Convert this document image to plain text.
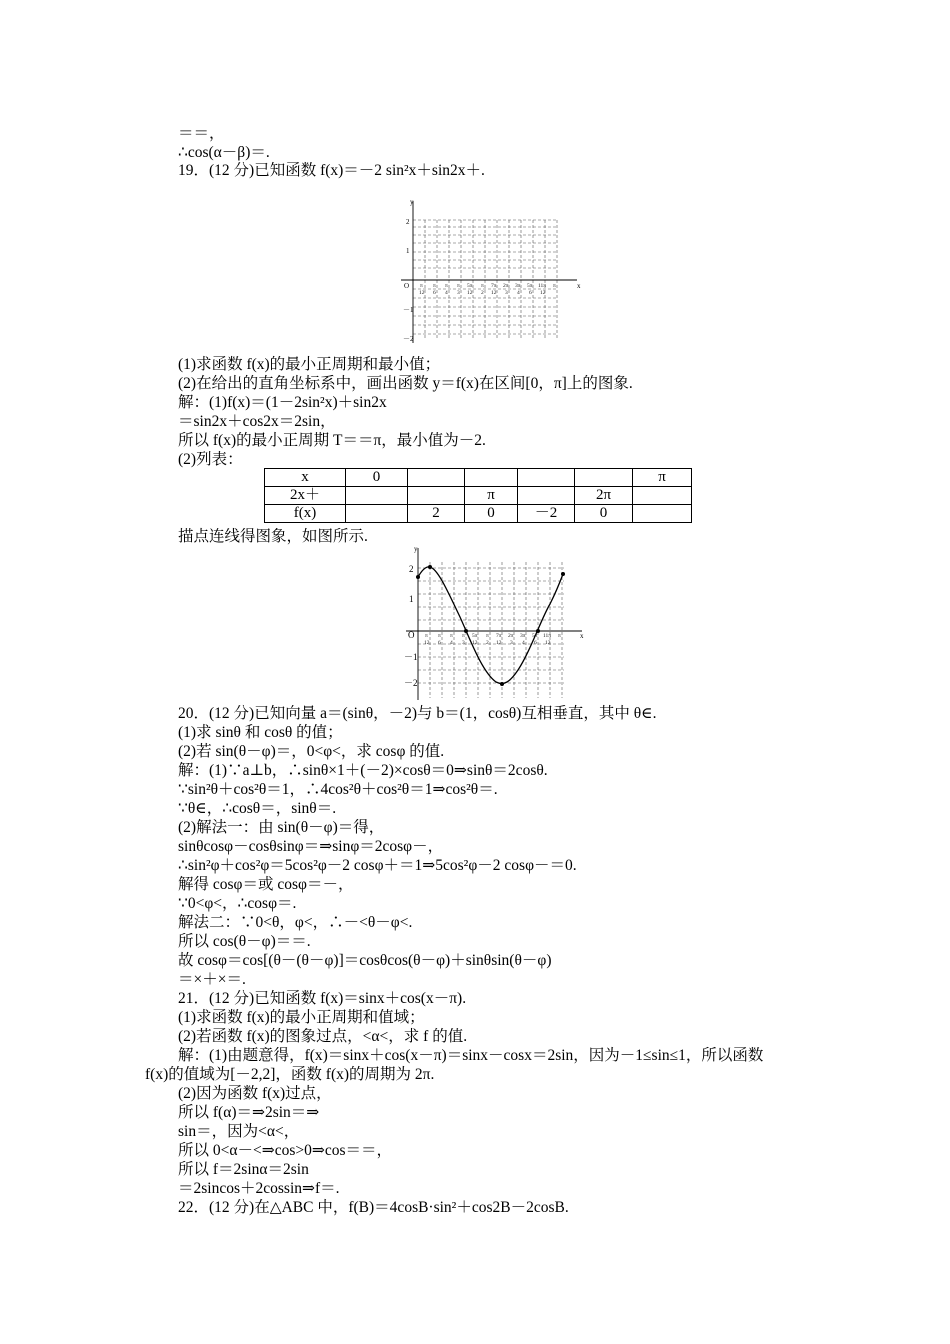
＝＝，
∴cos(α－β)＝.
19．(12 分)已知函数 f(x)＝－2 sin²x＋sin2x＋.
y
x
O
2
1
－1
－2
π
12
π
6
π
4
π
3
5π
12
π
2
7π
12
2π
3
3π
4
5π
6
11π
12
π
(1)求函数 f(x)的最小正周期和最小值；
(2)在给出的直角坐标系中，画出函数 y＝f(x)在区间[0，π]上的图象.
解：(1)f(x)＝(1－2sin²x)＋sin2x
＝sin2x＋cos2x＝2sin，
所以 f(x)的最小正周期 T＝＝π，最小值为－2.
(2)列表：
x	0					π
2x＋			π		2π	
f(x)		2	0	－2	0	
描点连线得图象，如图所示.
y
x
O
2
1
－1
－2
π
12
π
6
π
4
π
3
5π
12
π
2
7π
12
2π
3
3π
4
5π
6
11π
12
π
20．(12 分)已知向量 a＝(sinθ，－2)与 b＝(1，cosθ)互相垂直，其中 θ∈.
(1)求 sinθ 和 cosθ 的值；
(2)若 sin(θ－φ)＝，0<φ<，求 cosφ 的值.
解：(1)∵a⊥b，∴sinθ×1＋(－2)×cosθ＝0⇒sinθ＝2cosθ.
∵sin²θ＋cos²θ＝1，∴4cos²θ＋cos²θ＝1⇒cos²θ＝.
∵θ∈，∴cosθ＝，sinθ＝.
(2)解法一：由 sin(θ－φ)＝得，
sinθcosφ－cosθsinφ＝⇒sinφ＝2cosφ－，
∴sin²φ＋cos²φ＝5cos²φ－2 cosφ＋＝1⇒5cos²φ－2 cosφ－＝0.
解得 cosφ＝或 cosφ＝－，
∵0<φ<，∴cosφ＝.
解法二：∵0<θ，φ<，∴－<θ－φ<.
所以 cos(θ－φ)＝＝.
故 cosφ＝cos[(θ－(θ－φ)]＝cosθcos(θ－φ)＋sinθsin(θ－φ)
＝×＋×＝.
21．(12 分)已知函数 f(x)＝sinx＋cos(x－π).
(1)求函数 f(x)的最小正周期和值域；
(2)若函数 f(x)的图象过点，<α<，求 f 的值.
解：(1)由题意得，f(x)＝sinx＋cos(x－π)＝sinx－cosx＝2sin，因为－1≤sin≤1，所以函数
f(x)的值域为[－2,2]，函数 f(x)的周期为 2π.
(2)因为函数 f(x)过点，
所以 f(α)＝⇒2sin＝⇒
sin＝，因为<α<，
所以 0<α－<⇒cos>0⇒cos＝＝，
所以 f＝2sinα＝2sin
＝2sincos＋2cossin⇒f＝.
22．(12 分)在△ABC 中，f(B)＝4cosB·sin²＋cos2B－2cosB.
